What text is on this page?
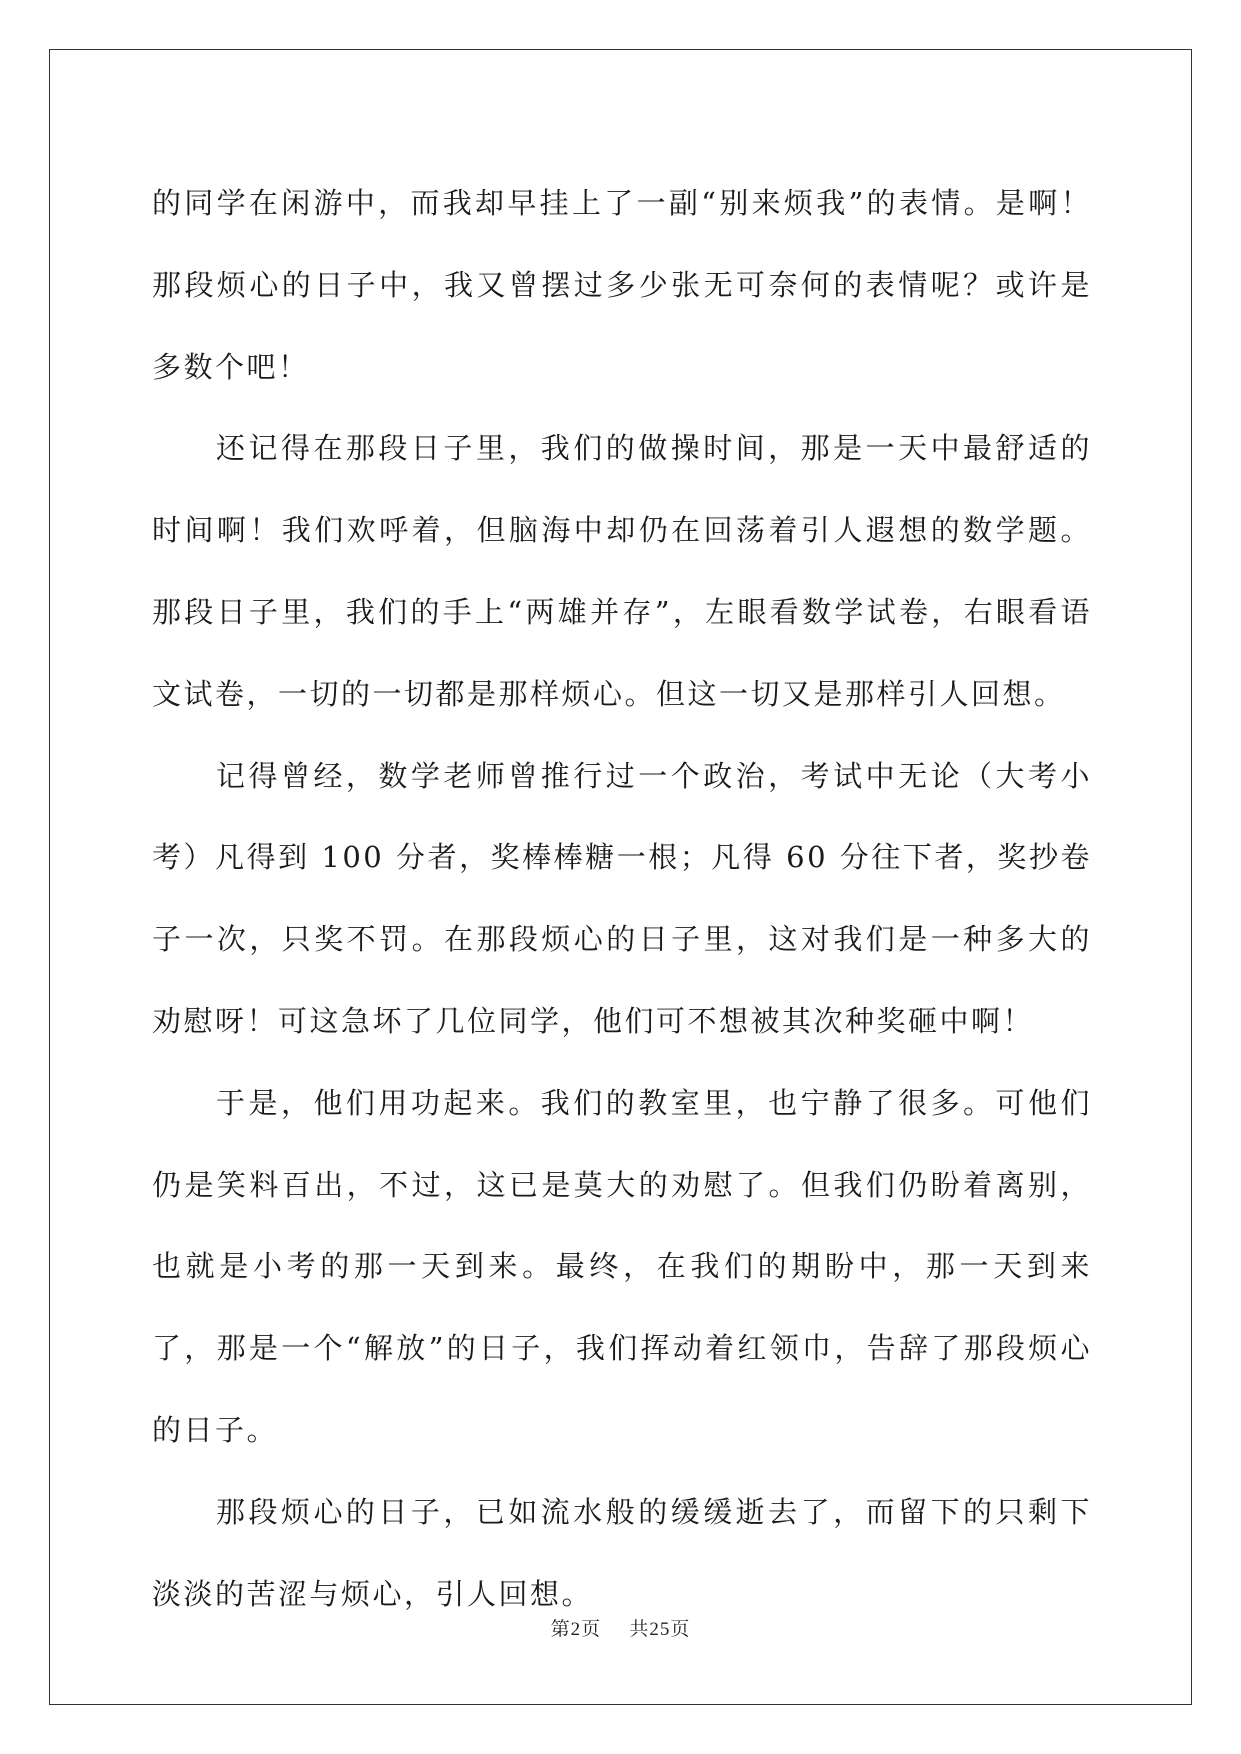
的同学在闲游中，而我却早挂上了一副“别来烦我”的表情。是啊！那段烦心的日子中，我又曾摆过多少张无可奈何的表情呢？或许是多数个吧！

还记得在那段日子里，我们的做操时间，那是一天中最舒适的时间啊！我们欢呼着，但脑海中却仍在回荡着引人遐想的数学题。那段日子里，我们的手上“两雄并存”，左眼看数学试卷，右眼看语文试卷，一切的一切都是那样烦心。但这一切又是那样引人回想。

记得曾经，数学老师曾推行过一个政治，考试中无论（大考小考）凡得到 100 分者，奖棒棒糖一根；凡得 60 分往下者，奖抄卷子一次，只奖不罚。在那段烦心的日子里，这对我们是一种多大的劝慰呀！可这急坏了几位同学，他们可不想被其次种奖砸中啊！

于是，他们用功起来。我们的教室里，也宁静了很多。可他们仍是笑料百出，不过，这已是莫大的劝慰了。但我们仍盼着离别，也就是小考的那一天到来。最终，在我们的期盼中，那一天到来了，那是一个“解放”的日子，我们挥动着红领巾，告辞了那段烦心的日子。

那段烦心的日子，已如流水般的缓缓逝去了，而留下的只剩下淡淡的苦涩与烦心，引人回想。

第2页 共25页
